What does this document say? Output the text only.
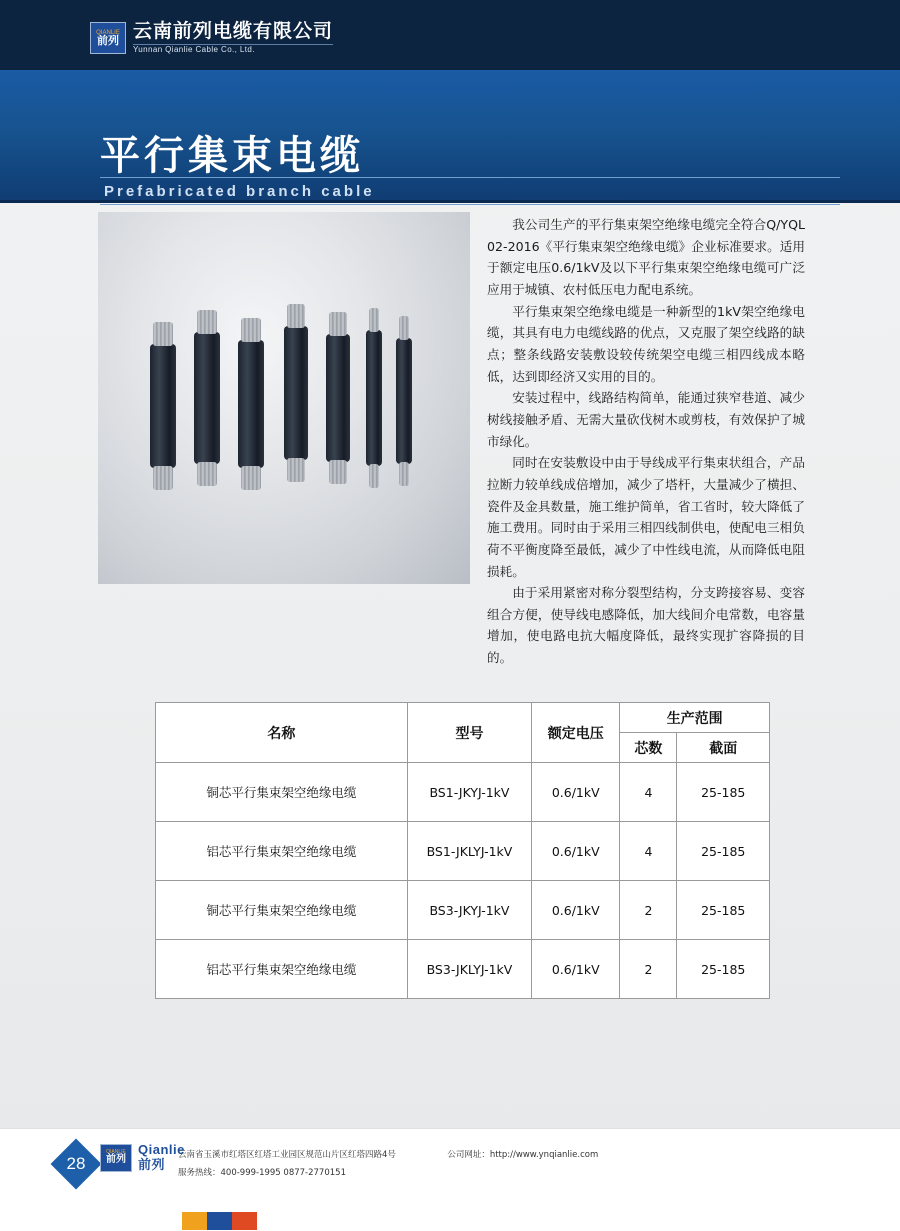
QIANLIE
前列 云南前列电缆有限公司
Yunnan Qianlie Cable Co., Ltd.
平行集束电缆
Prefabricated branch cable

我公司生产的平行集束架空绝缘电缆完全符合Q/YQL 02-2016《平行集束架空绝缘电缆》企业标准要求。适用于额定电压0.6/1kV及以下平行集束架空绝缘电缆可广泛应用于城镇、农村低压电力配电系统。

平行集束架空绝缘电缆是一种新型的1kV架空绝缘电缆，其具有电力电缆线路的优点，又克服了架空线路的缺点；整条线路安装敷设较传统架空电缆三相四线成本略低，达到即经济又实用的目的。

安装过程中，线路结构简单，能通过狭窄巷道、减少树线接触矛盾、无需大量砍伐树木或剪枝，有效保护了城市绿化。

同时在安装敷设中由于导线成平行集束状组合，产品拉断力较单线成倍增加，减少了塔杆，大量减少了横担、瓷件及金具数量，施工维护简单，省工省时，较大降低了施工费用。同时由于采用三相四线制供电，使配电三相负荷不平衡度降至最低，减少了中性线电流，从而降低电阻损耗。

由于采用紧密对称分裂型结构，分支跨接容易、变容组合方便，使导线电感降低，加大线间介电常数，电容量增加，使电路电抗大幅度降低，最终实现扩容降损的目的。

名称	型号	额定电压	生产范围	
			芯数	截面
铜芯平行集束架空绝缘电缆	BS1-JKYJ-1kV	0.6/1kV	4	25-185
铝芯平行集束架空绝缘电缆	BS1-JKLYJ-1kV	0.6/1kV	4	25-185
铜芯平行集束架空绝缘电缆	BS3-JKYJ-1kV	0.6/1kV	2	25-185
铝芯平行集束架空绝缘电缆	BS3-JKLYJ-1kV	0.6/1kV	2	25-185
28
QIANLIE
前列
Qianlie
前列
云南省玉溪市红塔区红塔工业园区规范山片区红塔四路4号	公司网址：http://www.ynqianlie.com
服务热线：400-999-1995 0877-2770151
